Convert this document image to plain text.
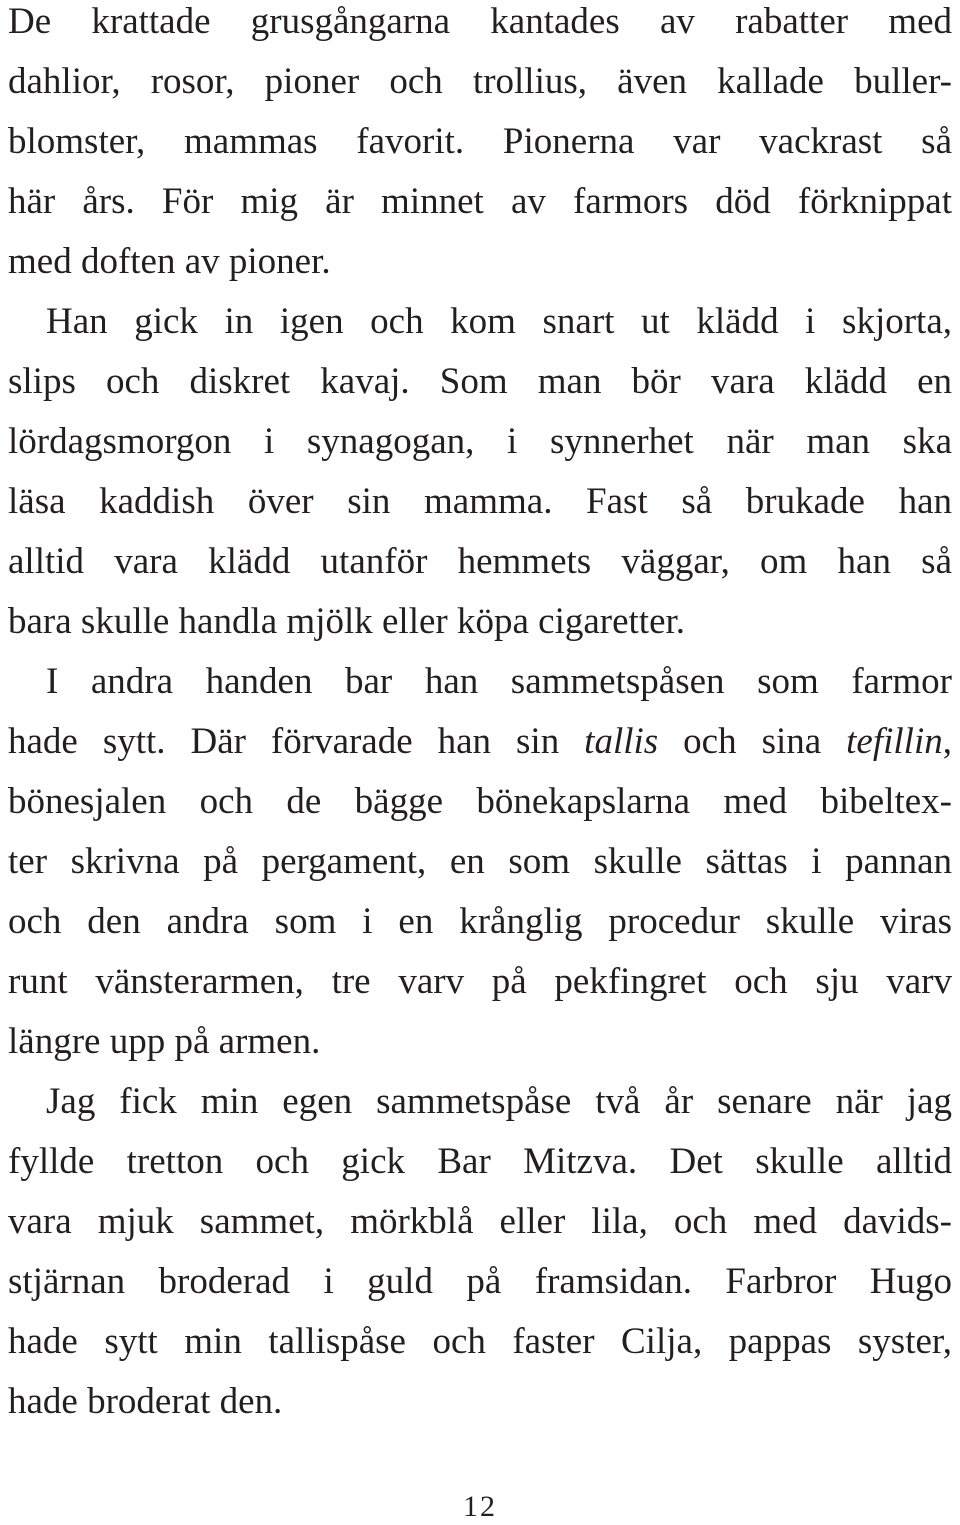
De krattade grusgångarna kantades av rabatter med
dahlior, rosor, pioner och trollius, även kallade buller-
blomster, mammas favorit. Pionerna var vackrast så
här års. För mig är minnet av farmors död förknippat
med doften av pioner.
Han gick in igen och kom snart ut klädd i skjorta,
slips och diskret kavaj. Som man bör vara klädd en
lördagsmorgon i synagogan, i synnerhet när man ska
läsa kaddish över sin mamma. Fast så brukade han
alltid vara klädd utanför hemmets väggar, om han så
bara skulle handla mjölk eller köpa cigaretter.
I andra handen bar han sammetspåsen som farmor
hade sytt. Där förvarade han sin tallis och sina tefillin,
bönesjalen och de bägge bönekapslarna med bibeltex-
ter skrivna på pergament, en som skulle sättas i pannan
och den andra som i en krånglig procedur skulle viras
runt vänsterarmen, tre varv på pekfingret och sju varv
längre upp på armen.
Jag fick min egen sammetspåse två år senare när jag
fyllde tretton och gick Bar Mitzva. Det skulle alltid
vara mjuk sammet, mörkblå eller lila, och med davids-
stjärnan broderad i guld på framsidan. Farbror Hugo
hade sytt min tallispåse och faster Cilja, pappas syster,
hade broderat den.
12
